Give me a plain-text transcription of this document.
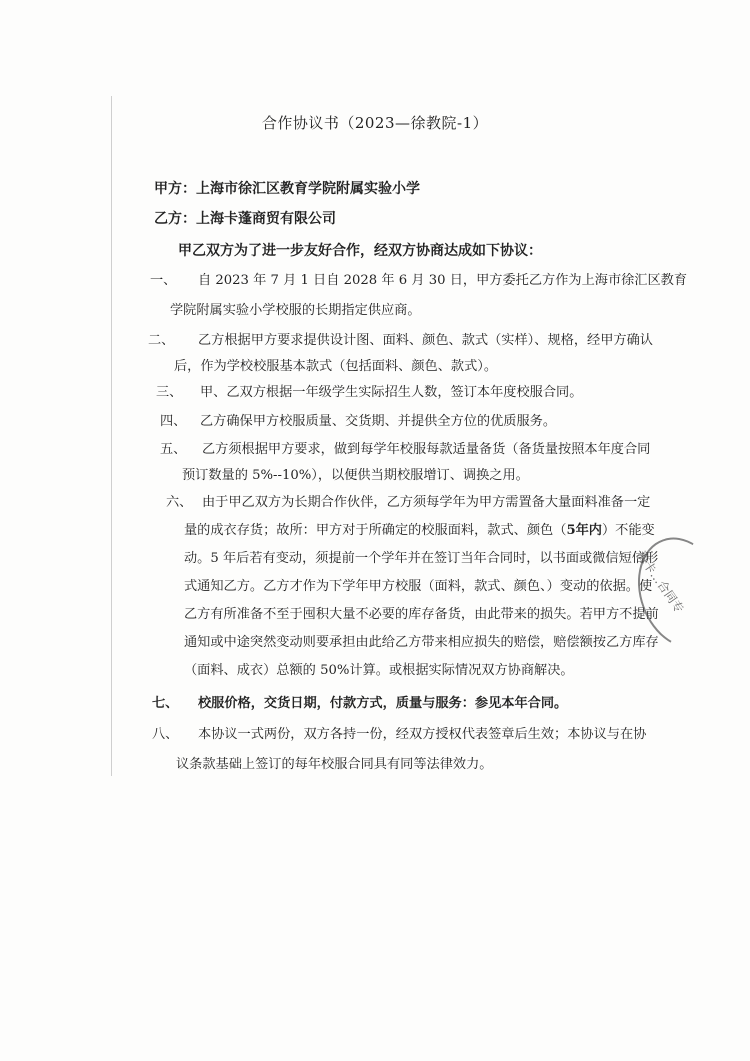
合作协议书（2023—徐教院-1）
甲方：上海市徐汇区教育学院附属实验小学
乙方：上海卡蓬商贸有限公司
甲乙双方为了进一步友好合作，经双方协商达成如下协议：
一、 自 2023 年 7 月 1 日自 2028 年 6 月 30 日，甲方委托乙方作为上海市徐汇区教育
学院附属实验小学校服的长期指定供应商。
二、 乙方根据甲方要求提供设计图、面料、颜色、款式（实样）、规格，经甲方确认
后，作为学校校服基本款式（包括面料、颜色、款式）。
三、 甲、乙双方根据一年级学生实际招生人数，签订本年度校服合同。
四、 乙方确保甲方校服质量、交货期、并提供全方位的优质服务。
五、 乙方须根据甲方要求，做到每学年校服每款适量备货（备货量按照本年度合同
预订数量的 5%--10%），以便供当期校服增订、调换之用。
六、 由于甲乙双方为长期合作伙伴，乙方须每学年为甲方需置备大量面料准备一定
量的成衣存货；故所：甲方对于所确定的校服面料，款式、颜色（5年内）不能变
动。5 年后若有变动，须提前一个学年并在签订当年合同时，以书面或微信短信形
式通知乙方。乙方才作为下学年甲方校服（面料，款式、颜色、）变动的依据。使
乙方有所准备不至于囤积大量不必要的库存备货，由此带来的损失。若甲方不提前
通知或中途突然变动则要承担由此给乙方带来相应损失的赔偿，赔偿额按乙方库存
（面料、成衣）总额的 50%计算。或根据实际情况双方协商解决。
七、 校服价格，交货日期，付款方式，质量与服务：参见本年合同。
八、 本协议一式两份，双方各持一份，经双方授权代表签章后生效；本协议与在协
议条款基础上签订的每年校服合同具有同等法律效力。
海卡…合同专
